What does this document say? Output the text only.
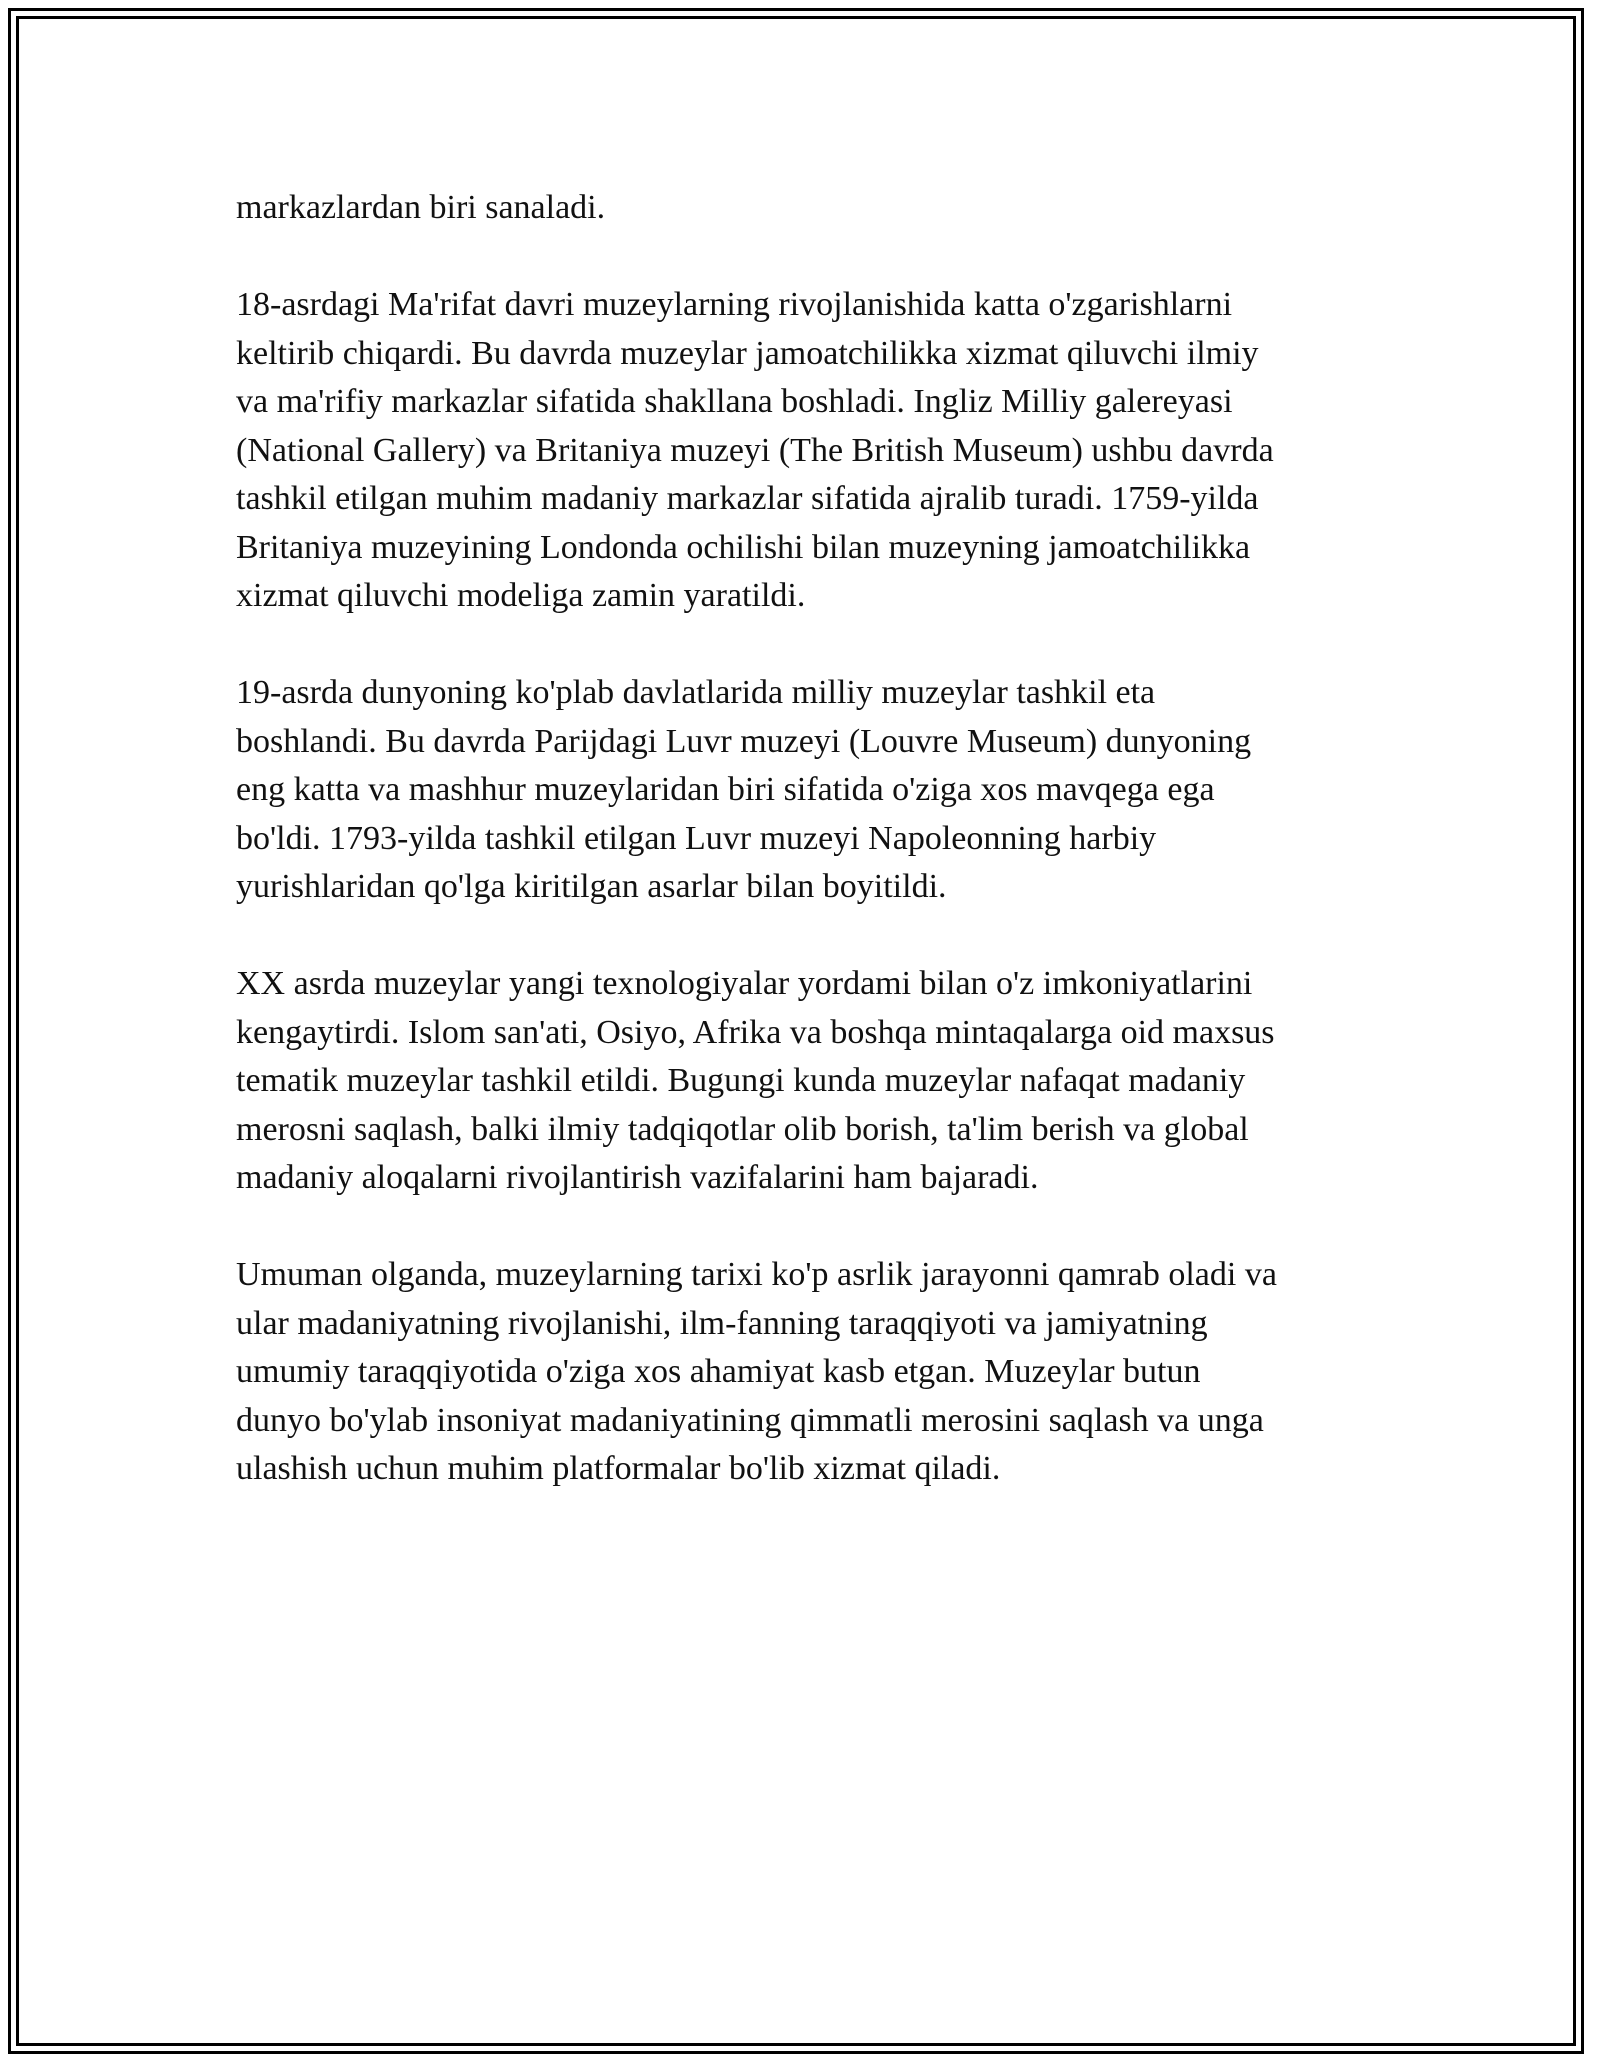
markazlardan biri sanaladi.

18-asrdagi Ma'rifat davri muzeylarning rivojlanishida katta o'zgarishlarni
keltirib chiqardi. Bu davrda muzeylar jamoatchilikka xizmat qiluvchi ilmiy
va ma'rifiy markazlar sifatida shakllana boshladi. Ingliz Milliy galereyasi
(National Gallery) va Britaniya muzeyi (The British Museum) ushbu davrda
tashkil etilgan muhim madaniy markazlar sifatida ajralib turadi. 1759-yilda
Britaniya muzeyining Londonda ochilishi bilan muzeyning jamoatchilikka
xizmat qiluvchi modeliga zamin yaratildi.

19-asrda dunyoning ko'plab davlatlarida milliy muzeylar tashkil eta
boshlandi. Bu davrda Parijdagi Luvr muzeyi (Louvre Museum) dunyoning
eng katta va mashhur muzeylaridan biri sifatida o'ziga xos mavqega ega
bo'ldi. 1793-yilda tashkil etilgan Luvr muzeyi Napoleonning harbiy
yurishlaridan qo'lga kiritilgan asarlar bilan boyitildi.

XX asrda muzeylar yangi texnologiyalar yordami bilan o'z imkoniyatlarini
kengaytirdi. Islom san'ati, Osiyo, Afrika va boshqa mintaqalarga oid maxsus
tematik muzeylar tashkil etildi. Bugungi kunda muzeylar nafaqat madaniy
merosni saqlash, balki ilmiy tadqiqotlar olib borish, ta'lim berish va global
madaniy aloqalarni rivojlantirish vazifalarini ham bajaradi.

Umuman olganda, muzeylarning tarixi ko'p asrlik jarayonni qamrab oladi va
ular madaniyatning rivojlanishi, ilm-fanning taraqqiyoti va jamiyatning
umumiy taraqqiyotida o'ziga xos ahamiyat kasb etgan. Muzeylar butun
dunyo bo'ylab insoniyat madaniyatining qimmatli merosini saqlash va unga
ulashish uchun muhim platformalar bo'lib xizmat qiladi.
